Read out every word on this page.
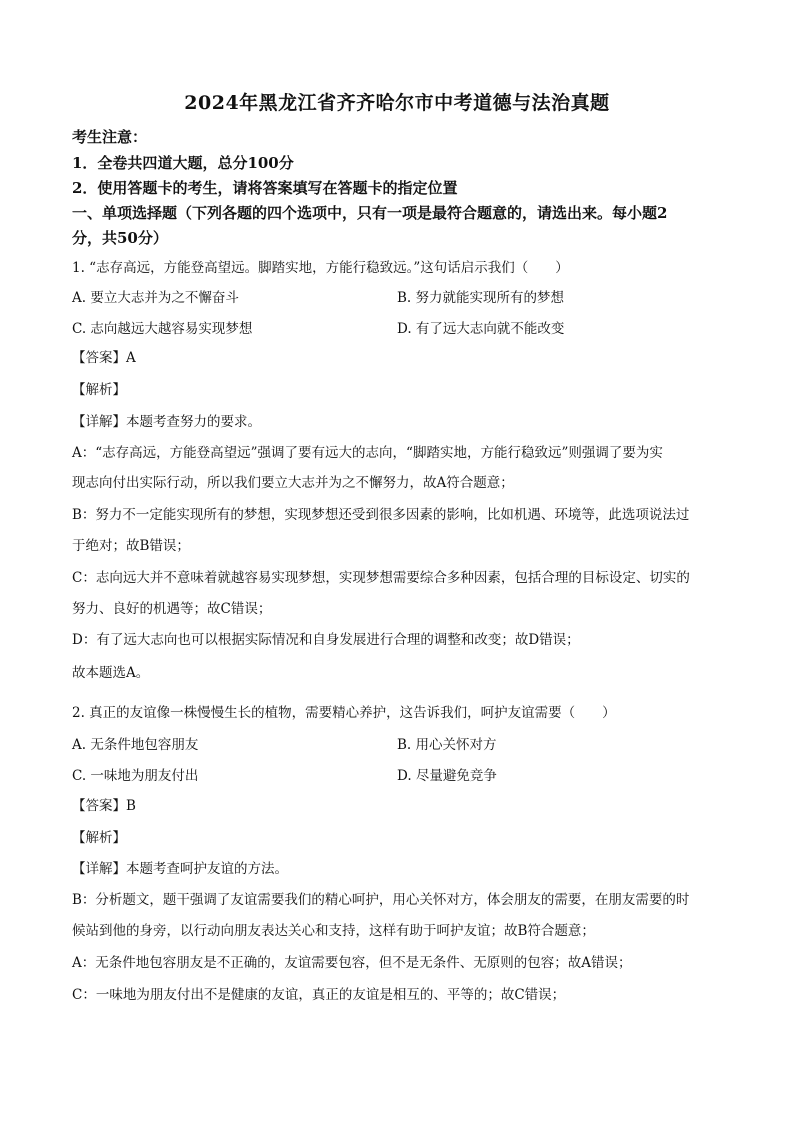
2024年黑龙江省齐齐哈尔市中考道德与法治真题
考生注意：
1．全卷共四道大题，总分100分
2．使用答题卡的考生，请将答案填写在答题卡的指定位置
一、单项选择题（下列各题的四个选项中，只有一项是最符合题意的，请选出来。每小题2
分，共50分）
1. “志存高远，方能登高望远。脚踏实地，方能行稳致远。”这句话启示我们（　　）
A. 要立大志并为之不懈奋斗	B. 努力就能实现所有的梦想
C. 志向越远大越容易实现梦想	D. 有了远大志向就不能改变
【答案】A
【解析】
【详解】本题考查努力的要求。
A：“志存高远，方能登高望远”强调了要有远大的志向，“脚踏实地，方能行稳致远”则强调了要为实
现志向付出实际行动，所以我们要立大志并为之不懈努力，故A符合题意；
B：努力不一定能实现所有的梦想，实现梦想还受到很多因素的影响，比如机遇、环境等，此选项说法过
于绝对；故B错误；
C：志向远大并不意味着就越容易实现梦想，实现梦想需要综合多种因素，包括合理的目标设定、切实的
努力、良好的机遇等；故C错误；
D：有了远大志向也可以根据实际情况和自身发展进行合理的调整和改变；故D错误；
故本题选A。
2. 真正的友谊像一株慢慢生长的植物，需要精心养护，这告诉我们，呵护友谊需要（　　）
A. 无条件地包容朋友	B. 用心关怀对方
C. 一味地为朋友付出	D. 尽量避免竞争
【答案】B
【解析】
【详解】本题考查呵护友谊的方法。
B：分析题文，题干强调了友谊需要我们的精心呵护，用心关怀对方，体会朋友的需要，在朋友需要的时
候站到他的身旁，以行动向朋友表达关心和支持，这样有助于呵护友谊；故B符合题意；
A：无条件地包容朋友是不正确的，友谊需要包容，但不是无条件、无原则的包容；故A错误；
C：一味地为朋友付出不是健康的友谊，真正的友谊是相互的、平等的；故C错误；
